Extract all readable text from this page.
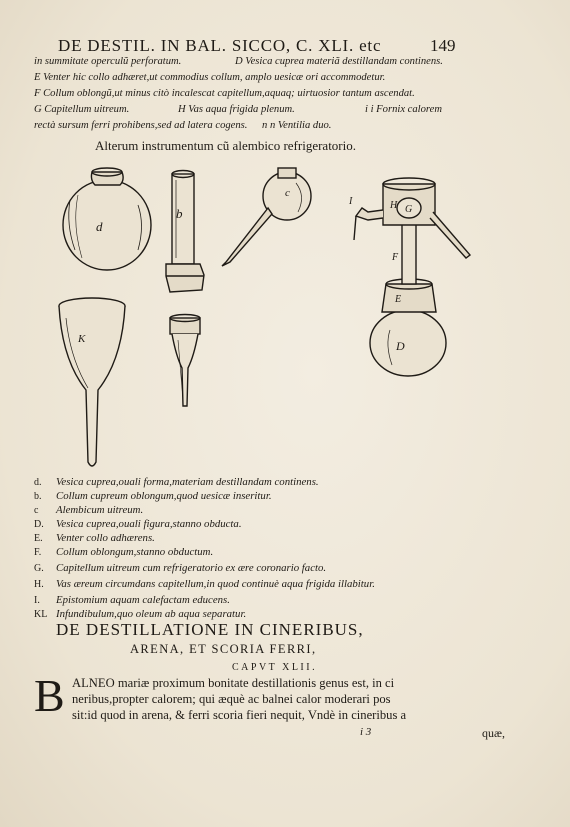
DE DESTIL. IN BAL. SICCO, C. XLI. etc	149
in summitate operculũ perforatum.	D Vesica cuprea materiã destillandam continens.
E Venter hic collo adhæret,ut commodius collum, amplo uesicæ ori accommodetur.
F Collum oblongũ,ut minus citò incalescat capitellum,aquaq; uirtuosior tantum ascendat.
G Capitellum uitreum.	H Vas aqua frigida plenum.	i i Fornix calorem
rectà sursum ferri prohibens,sed ad latera cogens. n n Ventilia duo.
Alterum instrumentum cũ alembico refrigeratorio.
d
b
c
K
I	H G
F
E
D
d. Vesica cuprea,ouali forma,materiam destillandam continens.
b. Collum cupreum oblongum,quod uesicæ inseritur.
c Alembicum uitreum.
D. Vesica cuprea,ouali figura,stanno obducta.
E. Venter collo adhærens.
F. Collum oblongum,stanno obductum.
G. Capitellum uitreum cum refrigeratorio ex ære coronario facto.
H. Vas æreum circumdans capitellum,in quod continuè aqua frigida illabitur.
I. Epistomium aquam calefactam educens.
KL Infundibulum,quo oleum ab aqua separatur.
DE DESTILLATIONE IN CINERIBUS,
ARENA, ET SCORIA FERRI,
CAPVT XLII.
B ALNEO mariæ proximum bonitate destillationis genus est, in ci
neribus,propter calorem; qui æquè ac balnei calor moderari pos
sit:id quod in arena, & ferri scoria fieri nequit, Vndè in cineribus a
i 3	quæ,
